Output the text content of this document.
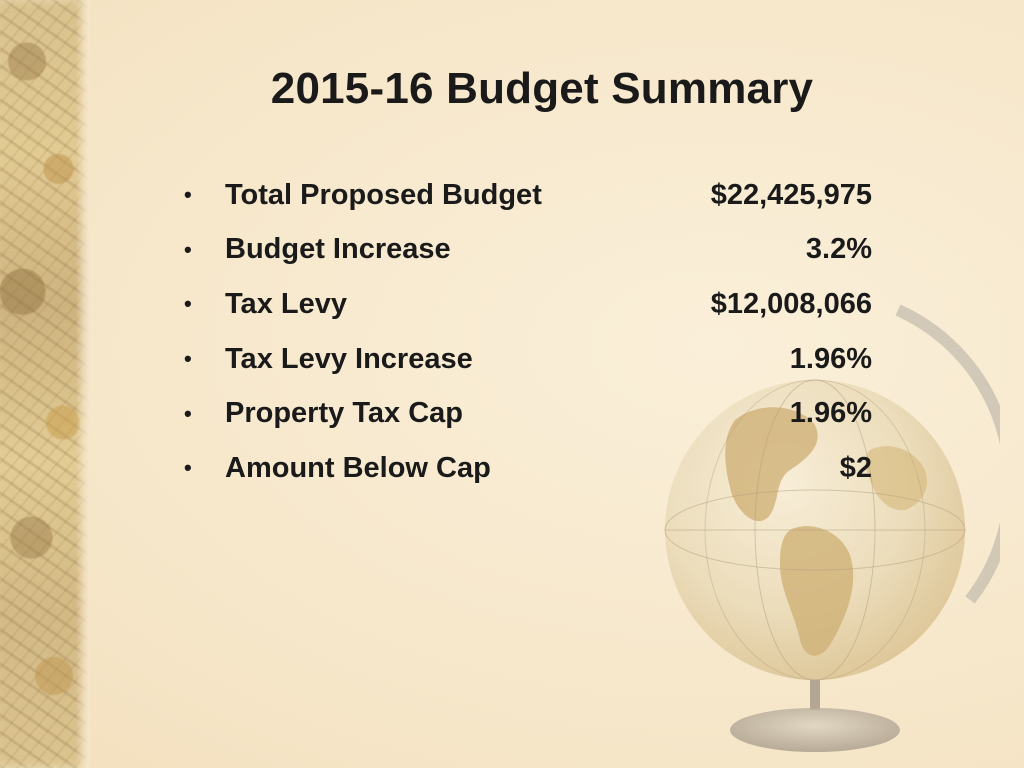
2015-16 Budget Summary
•	Total Proposed Budget	$22,425,975
•	Budget Increase	3.2%
•	Tax Levy	$12,008,066
•	Tax Levy Increase	1.96%
•	Property Tax Cap	1.96%
•	Amount Below Cap	$2
